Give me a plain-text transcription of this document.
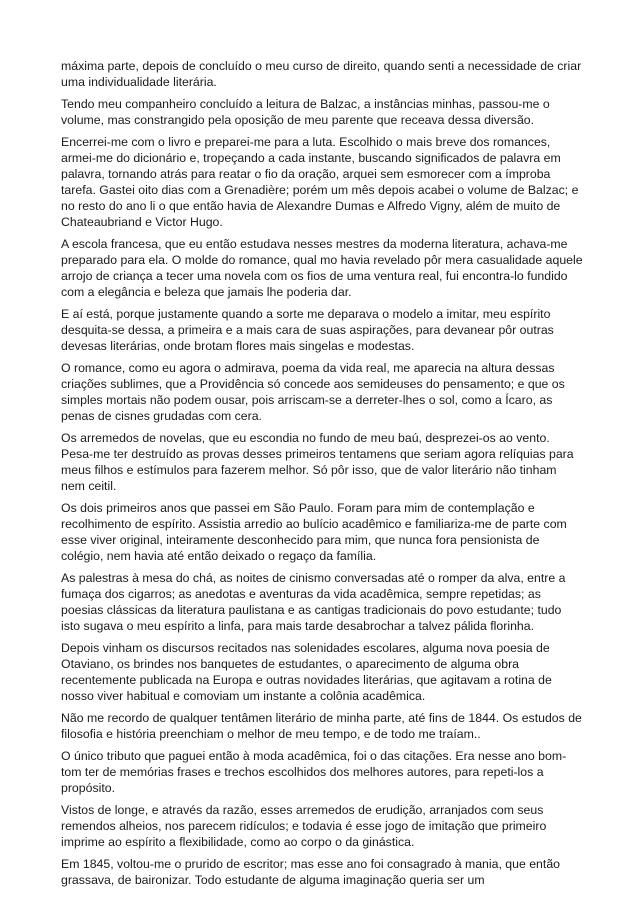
máxima parte, depois de concluído o meu curso de direito, quando senti a necessidade de criar uma individualidade literária.

Tendo meu companheiro concluído a leitura de Balzac, a instâncias minhas, passou-me o volume, mas constrangido pela oposição de meu parente que receava dessa diversão.

Encerrei-me com o livro e preparei-me para a luta. Escolhido o mais breve dos romances, armei-me do dicionário e, tropeçando a cada instante, buscando significados de palavra em palavra, tornando atrás para reatar o fio da oração, arquei sem esmorecer com a ímproba tarefa. Gastei oito dias com a Grenadière; porém um mês depois acabei o volume de Balzac; e no resto do ano li o que então havia de Alexandre Dumas e Alfredo Vigny, além de muito de Chateaubriand e Victor Hugo.

A escola francesa, que eu então estudava nesses mestres da moderna literatura, achava-me preparado para ela. O molde do romance, qual mo havia revelado pôr mera casualidade aquele arrojo de criança a tecer uma novela com os fios de uma ventura real, fui encontra-lo fundido com a elegância e beleza que jamais lhe poderia dar.

E aí está, porque justamente quando a sorte me deparava o modelo a imitar, meu espírito desquita-se dessa, a primeira e a mais cara de suas aspirações, para devanear pôr outras devesas literárias, onde brotam flores mais singelas e modestas.

O romance, como eu agora o admirava, poema da vida real, me aparecia na altura dessas criações sublimes, que a Providência só concede aos semideuses do pensamento; e que os simples mortais não podem ousar, pois arriscam-se a derreter-lhes o sol, como a Ícaro, as penas de cisnes grudadas com cera.

Os arremedos de novelas, que eu escondia no fundo de meu baú, desprezei-os ao vento. Pesa-me ter destruído as provas desses primeiros tentamens que seriam agora relíquias para meus filhos e estímulos para fazerem melhor. Só pôr isso, que de valor literário não tinham nem ceitil.

Os dois primeiros anos que passei em São Paulo. Foram para mim de contemplação e recolhimento de espírito. Assistia arredio ao bulício acadêmico e familiariza-me de parte com esse viver original, inteiramente desconhecido para mim, que nunca fora pensionista de colégio, nem havia até então deixado o regaço da família.

As palestras à mesa do chá, as noites de cinismo conversadas até o romper da alva, entre a fumaça dos cigarros; as anedotas e aventuras da vida acadêmica, sempre repetidas; as poesias clássicas da literatura paulistana e as cantigas tradicionais do povo estudante; tudo isto sugava o meu espírito a linfa, para mais tarde desabrochar a talvez pálida florinha.

Depois vinham os discursos recitados nas solenidades escolares, alguma nova poesia de Otaviano, os brindes nos banquetes de estudantes, o aparecimento de alguma obra recentemente publicada na Europa e outras novidades literárias, que agitavam a rotina de nosso viver habitual e comoviam um instante a colônia acadêmica.

Não me recordo de qualquer tentâmen literário de minha parte, até fins de 1844. Os estudos de filosofia e história preenchiam o melhor de meu tempo, e de todo me traíam..

O único tributo que paguei então à moda acadêmica, foi o das citações. Era nesse ano bom-tom ter de memórias frases e trechos escolhidos dos melhores autores, para repeti-los a propósito.

Vistos de longe, e através da razão, esses arremedos de erudição, arranjados com seus remendos alheios, nos parecem ridículos; e todavia é esse jogo de imitação que primeiro imprime ao espírito a flexibilidade, como ao corpo o da ginástica.

Em 1845, voltou-me o prurido de escritor; mas esse ano foi consagrado à mania, que então grassava, de baironizar. Todo estudante de alguma imaginação queria ser um
